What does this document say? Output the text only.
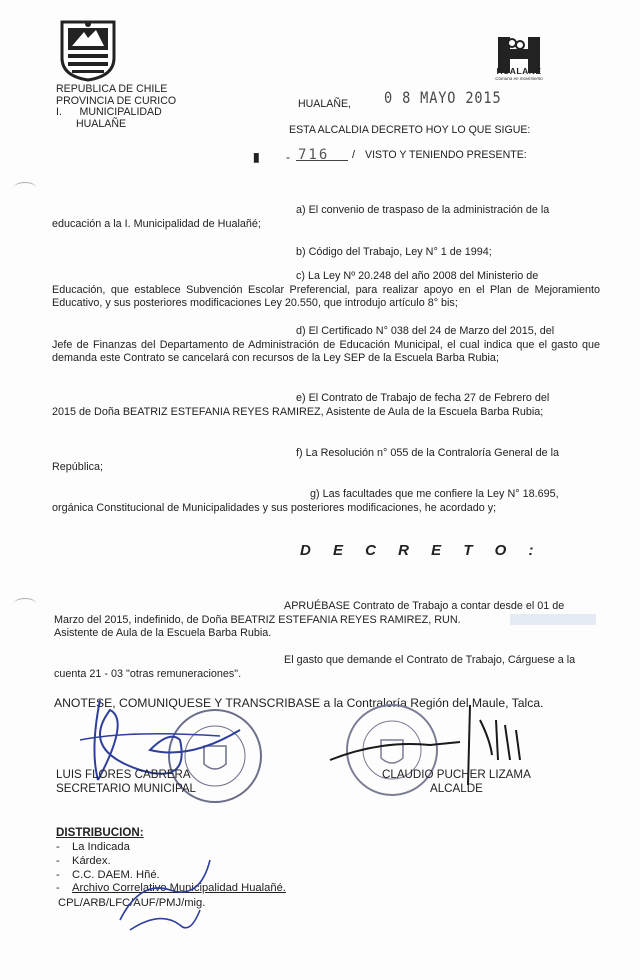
HUALAÑE
Comuna en movimiento
REPUBLICA DE CHILE
PROVINCIA DE CURICO
I.      MUNICIPALIDAD
HUALAÑE
HUALAÑE, 0 8 MAYO 2015
ESTA ALCALDIA DECRETO HOY LO QUE SIGUE:
▮ - 716 / VISTO Y TENIENDO PRESENTE:
a) El convenio de traspaso de la administración de la
educación a la I. Municipalidad de Hualañé;
b) Código del Trabajo, Ley N° 1 de 1994;
c) La Ley Nº 20.248 del año 2008 del Ministerio de
Educación, que establece Subvención Escolar Preferencial, para realizar apoyo en el Plan de Mejoramiento Educativo, y sus posteriores modificaciones Ley 20.550, que introdujo artículo 8° bis;
d) El Certificado N° 038 del 24 de Marzo del 2015, del
Jefe de Finanzas del Departamento de Administración de Educación Municipal, el cual indica que el gasto que demanda este Contrato se cancelará con recursos de la Ley SEP de la Escuela Barba Rubia;
e) El Contrato de Trabajo de fecha 27 de Febrero del
2015 de Doña BEATRIZ ESTEFANIA REYES RAMIREZ, Asistente de Aula de la Escuela Barba Rubia;
f) La Resolución n° 055 de la Contraloría General de la
República;
g) Las facultades que me confiere la Ley N° 18.695,
orgánica Constitucional de Municipalidades y sus posteriores modificaciones, he acordado y;
D E C R E T O :
APRUÉBASE Contrato de Trabajo a contar desde el 01 de
Marzo del 2015, indefinido, de Doña BEATRIZ ESTEFANIA REYES RAMIREZ, RUN.
Asistente de Aula de la Escuela Barba Rubia.
El gasto que demande el Contrato de Trabajo, Cárguese a la
cuenta 21 - 03 "otras remuneraciones".
ANOTESE, COMUNIQUESE Y TRANSCRIBASE a la Contraloría Región del Maule, Talca.
LUIS FLORES CABRERA
SECRETARIO MUNICIPAL
CLAUDIO PUCHER LIZAMA
ALCALDE
DISTRIBUCION:
- La Indicada
- Kárdex.
- C.C. DAEM. Hñé.
- Archivo Correlativo Municipalidad Hualañé.
CPL/ARB/LFC/AUF/PMJ/mig.
